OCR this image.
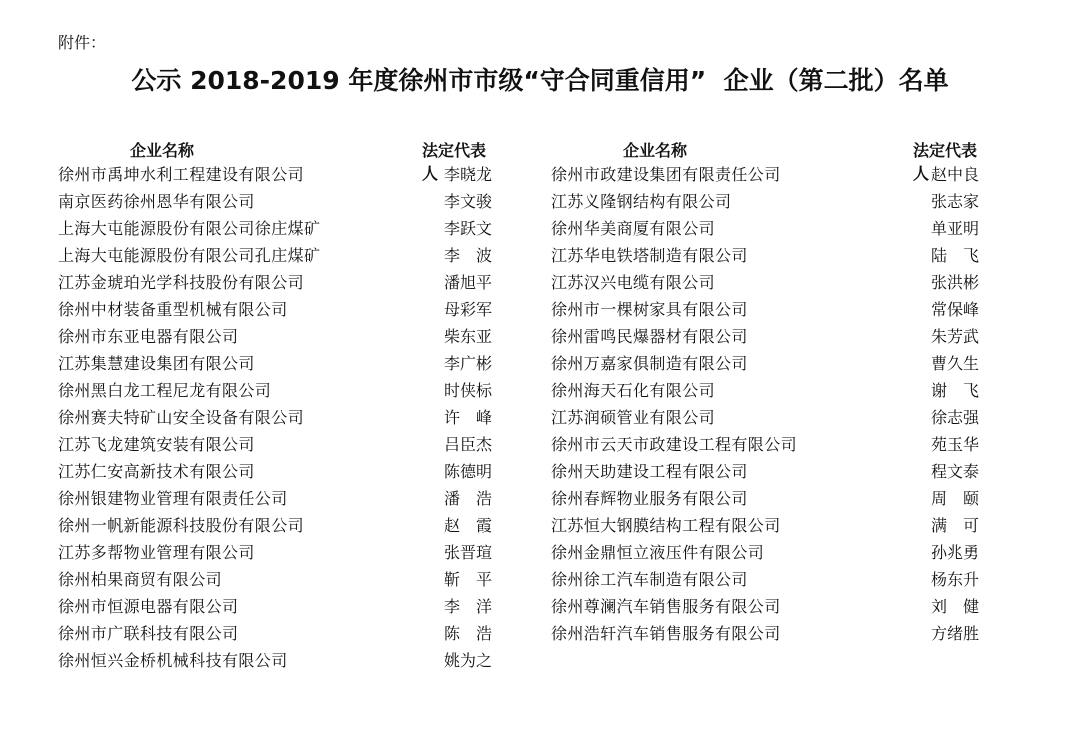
附件：
公示 2018-2019 年度徐州市市级“守合同重信用”  企业（第二批）名单
企业名称	法定代表人
徐州市禹坤水利工程建设有限公司	李晓龙
南京医药徐州恩华有限公司	李文骏
上海大屯能源股份有限公司徐庄煤矿	李跃文
上海大屯能源股份有限公司孔庄煤矿	李　波
江苏金琥珀光学科技股份有限公司	潘旭平
徐州中材装备重型机械有限公司	母彩军
徐州市东亚电器有限公司	柴东亚
江苏集慧建设集团有限公司	李广彬
徐州黑白龙工程尼龙有限公司	时侠标
徐州赛夫特矿山安全设备有限公司	许　峰
江苏飞龙建筑安装有限公司	吕臣杰
江苏仁安高新技术有限公司	陈德明
徐州银建物业管理有限责任公司	潘　浩
徐州一帆新能源科技股份有限公司	赵　霞
江苏多帮物业管理有限公司	张晋瑄
徐州柏果商贸有限公司	靳　平
徐州市恒源电器有限公司	李　洋
徐州市广联科技有限公司	陈　浩
徐州恒兴金桥机械科技有限公司	姚为之
企业名称	法定代表人
徐州市政建设集团有限责任公司	赵中良
江苏义隆钢结构有限公司	张志家
徐州华美商厦有限公司	单亚明
江苏华电铁塔制造有限公司	陆　飞
江苏汉兴电缆有限公司	张洪彬
徐州市一棵树家具有限公司	常保峰
徐州雷鸣民爆器材有限公司	朱芳武
徐州万嘉家俱制造有限公司	曹久生
徐州海天石化有限公司	谢　飞
江苏润硕管业有限公司	徐志强
徐州市云天市政建设工程有限公司	苑玉华
徐州天助建设工程有限公司	程文泰
徐州春辉物业服务有限公司	周　颐
江苏恒大钢膜结构工程有限公司	满　可
徐州金鼎恒立液压件有限公司	孙兆勇
徐州徐工汽车制造有限公司	杨东升
徐州尊澜汽车销售服务有限公司	刘　健
徐州浩轩汽车销售服务有限公司	方绪胜
